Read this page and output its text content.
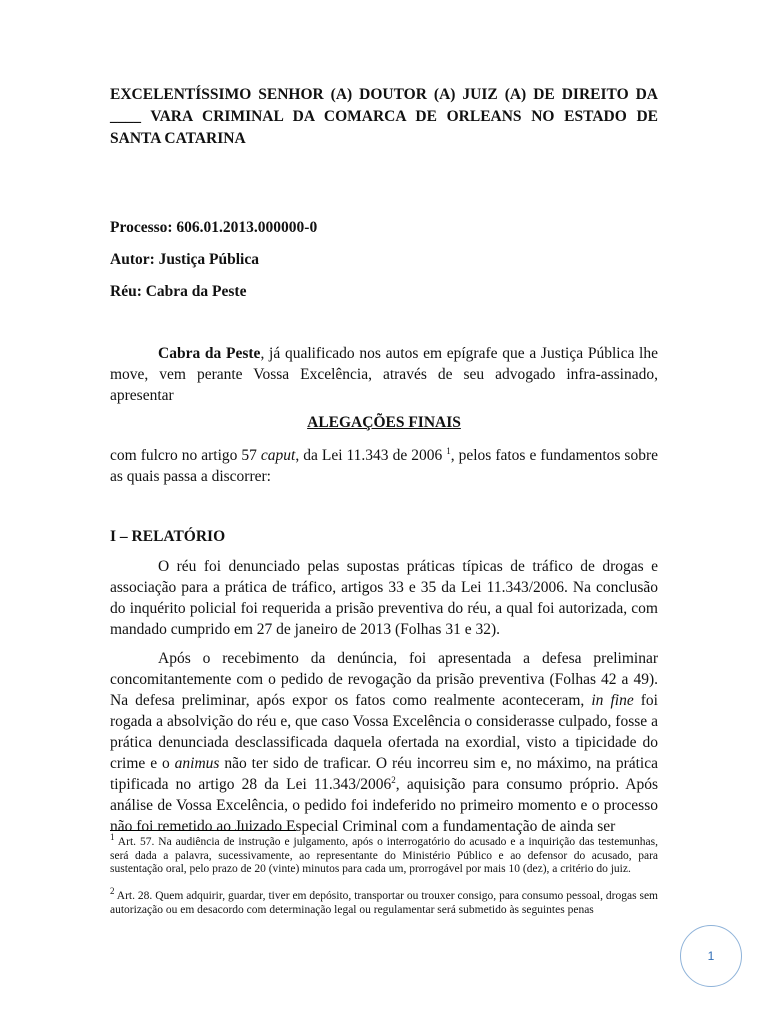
EXCELENTÍSSIMO SENHOR (A) DOUTOR (A) JUIZ (A) DE DIREITO DA ____ VARA CRIMINAL DA COMARCA DE ORLEANS NO ESTADO DE SANTA CATARINA

Processo: 606.01.2013.000000-0

Autor: Justiça Pública

Réu: Cabra da Peste

Cabra da Peste, já qualificado nos autos em epígrafe que a Justiça Pública lhe move, vem perante Vossa Excelência, através de seu advogado infra-assinado, apresentar

ALEGAÇÕES FINAIS

com fulcro no artigo 57 caput, da Lei 11.343 de 2006 $^1$, pelos fatos e fundamentos sobre as quais passa a discorrer:

I – RELATÓRIO

O réu foi denunciado pelas supostas práticas típicas de tráfico de drogas e associação para a prática de tráfico, artigos 33 e 35 da Lei 11.343/2006. Na conclusão do inquérito policial foi requerida a prisão preventiva do réu, a qual foi autorizada, com mandado cumprido em 27 de janeiro de 2013 (Folhas 31 e 32).

Após o recebimento da denúncia, foi apresentada a defesa preliminar concomitantemente com o pedido de revogação da prisão preventiva (Folhas 42 a 49). Na defesa preliminar, após expor os fatos como realmente aconteceram, in fine foi rogada a absolvição do réu e, que caso Vossa Excelência o considerasse culpado, fosse a prática denunciada desclassificada daquela ofertada na exordial, visto a tipicidade do crime e o animus não ter sido de traficar. O réu incorreu sim e, no máximo, na prática tipificada no artigo 28 da Lei 11.343/2006$^2$, aquisição para consumo próprio. Após análise de Vossa Excelência, o pedido foi indeferido no primeiro momento e o processo não foi remetido ao Juizado Especial Criminal com a fundamentação de ainda ser

$^1$ Art. 57. Na audiência de instrução e julgamento, após o interrogatório do acusado e a inquirição das testemunhas, será dada a palavra, sucessivamente, ao representante do Ministério Público e ao defensor do acusado, para sustentação oral, pelo prazo de 20 (vinte) minutos para cada um, prorrogável por mais 10 (dez), a critério do juiz.

$^2$ Art. 28. Quem adquirir, guardar, tiver em depósito, transportar ou trouxer consigo, para consumo pessoal, drogas sem autorização ou em desacordo com determinação legal ou regulamentar será submetido às seguintes penas

1
